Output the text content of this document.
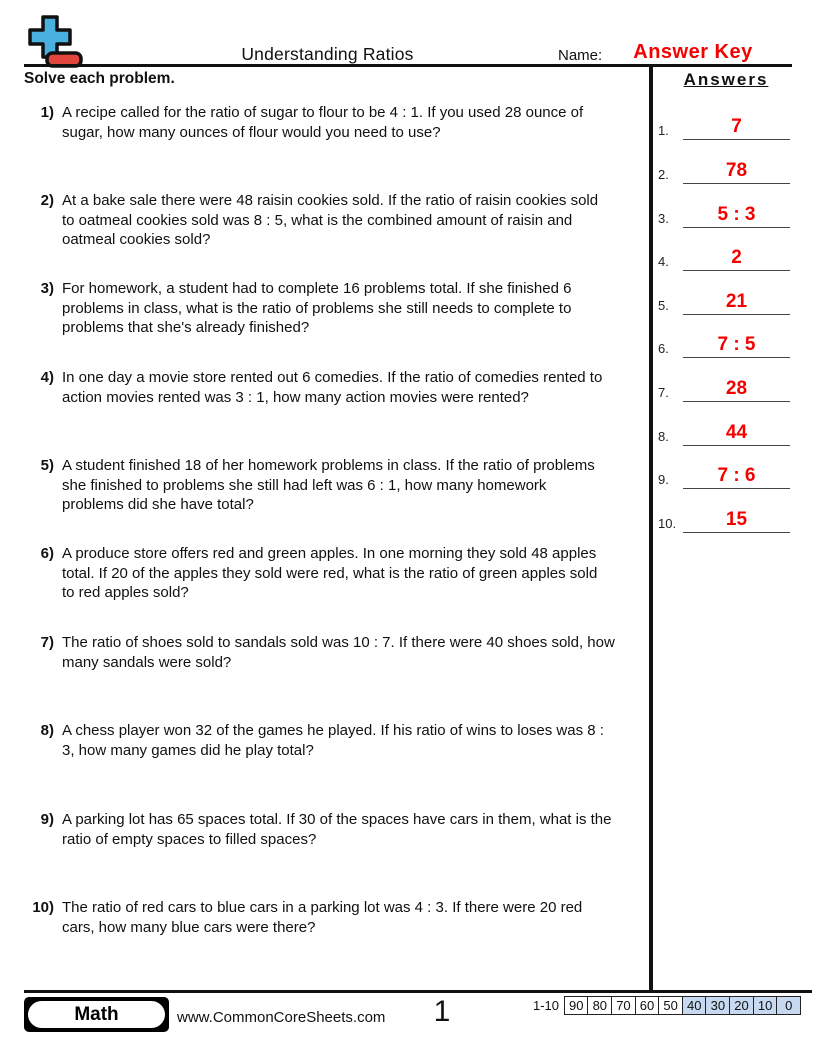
Understanding Ratios	Name:	Answer Key
Solve each problem.	Answers
1.	7
2.	78
3.	5 : 3
4.	2
5.	21
6.	7 : 5
7.	28
8.	44
9.	7 : 6
10.	15
1) A recipe called for the ratio of sugar to flour to be 4 : 1. If you used 28 ounce of
sugar, how many ounces of flour would you need to use?
2) At a bake sale there were 48 raisin cookies sold. If the ratio of raisin cookies sold
to oatmeal cookies sold was 8 : 5, what is the combined amount of raisin and
oatmeal cookies sold?
3) For homework, a student had to complete 16 problems total. If she finished 6
problems in class, what is the ratio of problems she still needs to complete to
problems that she's already finished?
4) In one day a movie store rented out 6 comedies. If the ratio of comedies rented to
action movies rented was 3 : 1, how many action movies were rented?
5) A student finished 18 of her homework problems in class. If the ratio of problems
she finished to problems she still had left was 6 : 1, how many homework
problems did she have total?
6) A produce store offers red and green apples. In one morning they sold 48 apples
total. If 20 of the apples they sold were red, what is the ratio of green apples sold
to red apples sold?
7) The ratio of shoes sold to sandals sold was 10 : 7. If there were 40 shoes sold, how
many sandals were sold?
8) A chess player won 32 of the games he played. If his ratio of wins to loses was 8 :
3, how many games did he play total?
9) A parking lot has 65 spaces total. If 30 of the spaces have cars in them, what is the
ratio of empty spaces to filled spaces?
10) The ratio of red cars to blue cars in a parking lot was 4 : 3. If there were 20 red
cars, how many blue cars were there?
Math	www.CommonCoreSheets.com	1	1-10 90 80 70 60 50 40 30 20 10 0
